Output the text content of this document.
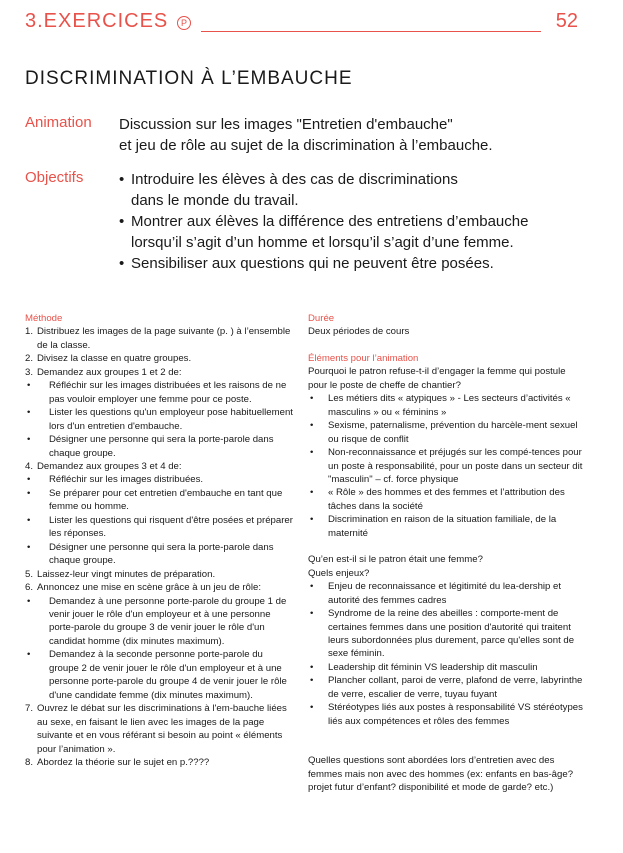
3.EXERCICES	P	52
DISCRIMINATION À L’EMBAUCHE
Animation Discussion sur les images "Entretien d'embauche"
et jeu de rôle au sujet de la discrimination à l’embauche.
Objectifs
•	Introduire les élèves à des cas de discriminations
dans le monde du travail.
• Montrer aux élèves la différence des entretiens d’embauche
lorsqu’il s’agit d’un homme et lorsqu’il s’agit d’une femme.
• Sensibiliser aux questions qui ne peuvent être posées.
Méthode
1. Distribuez les images de la page suivante (p. ) à l’ensemble de la classe.
2. Divisez la classe en quatre groupes.
3. Demandez aux groupes 1 et 2 de:
• Réfléchir sur les images distribuées et les raisons de ne pas vouloir employer une femme pour ce poste.
• Lister les questions qu'un employeur pose habituellement lors d'un entretien d'embauche.
• Désigner une personne qui sera la porte-parole dans chaque groupe.
4. Demandez aux groupes 3 et 4 de:
• Réfléchir sur les images distribuées.
• Se préparer pour cet entretien d'embauche en tant que femme ou homme.
• Lister les questions qui risquent d'être posées et préparer les réponses.
• Désigner une personne qui sera la porte-parole dans chaque groupe.
5. Laissez-leur vingt minutes de préparation.
6. Annoncez une mise en scène grâce à un jeu de rôle:
• Demandez à une personne porte-parole du groupe 1 de venir jouer le rôle d'un employeur et à une personne porte-parole du groupe 3 de venir jouer le rôle d'un candidat homme (dix minutes maximum).
• Demandez à la seconde personne porte-parole du groupe 2 de venir jouer le rôle d'un employeur et à une personne porte-parole du groupe 4 de venir jouer le rôle d'une candidate femme (dix minutes maximum).
7. Ouvrez le débat sur les discriminations à l'em-bauche liées au sexe, en faisant le lien avec les images de la page suivante et en vous référant si besoin au point « éléments pour l’animation ».
8. Abordez la théorie sur le sujet en p.????
Durée
Deux périodes de cours
Éléments pour l’animation
Pourquoi le patron refuse-t-il d’engager la femme qui postule pour le poste de cheffe de chantier?
• Les métiers dits « atypiques » - Les secteurs d’activités « masculins » ou « féminins »
• Sexisme, paternalisme, prévention du harcèle-ment sexuel ou risque de conflit
• Non-reconnaissance et préjugés sur les compé-tences pour un poste à responsabilité, pour un poste dans un secteur dit "masculin" – cf. force physique
• « Rôle » des hommes et des femmes et l’attribution des tâches dans la société
• Discrimination en raison de la situation familiale, de la maternité
Qu’en est-il si le patron était une femme?
Quels enjeux?
• Enjeu de reconnaissance et légitimité du lea-dership et autorité des femmes cadres
• Syndrome de la reine des abeilles : comporte-ment de certaines femmes dans une position d'autorité qui traitent leurs subordonnées plus durement, parce qu'elles sont de sexe féminin.
• Leadership dit féminin VS leadership dit masculin
• Plancher collant, paroi de verre, plafond de verre, labyrinthe de verre, escalier de verre, tuyau fuyant
• Stéréotypes liés aux postes à responsabilité VS stéréotypes liés aux compétences et rôles des femmes
Quelles questions sont abordées lors d’entretien avec des femmes mais non avec des hommes (ex: enfants en bas-âge? projet futur d’enfant? disponibilité et mode de garde? etc.)
